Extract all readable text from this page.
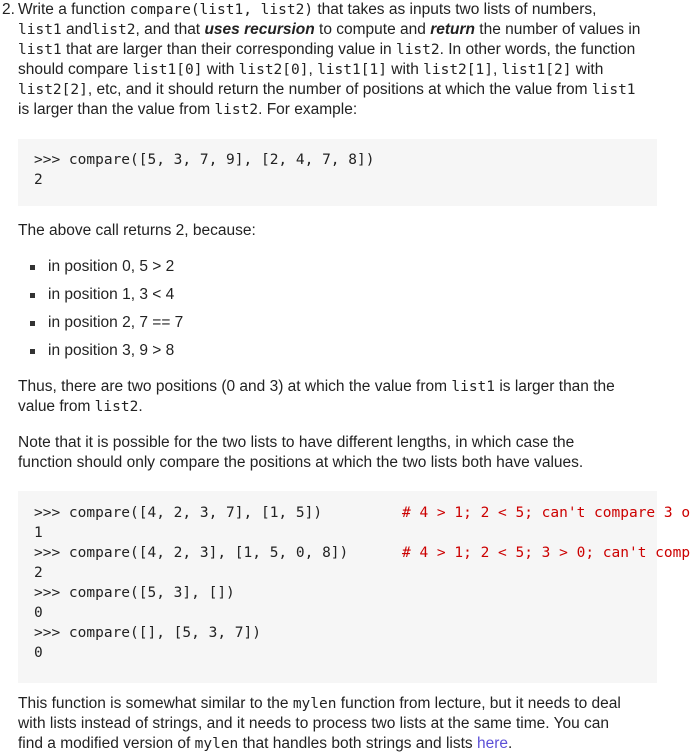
2. Write a function compare(list1, list2) that takes as inputs two lists of numbers,
list1 andlist2, and that uses recursion to compute and return the number of values in
list1 that are larger than their corresponding value in list2. In other words, the function
should compare list1[0] with list2[0], list1[1] with list2[1], list1[2] with
list2[2], etc, and it should return the number of positions at which the value from list1
is larger than the value from list2. For example:

>>> compare([5, 3, 7, 9], [2, 4, 7, 8])

2

The above call returns 2, because:
in position 0, 5 > 2
in position 1, 3 < 4
in position 2, 7 == 7
in position 3, 9 > 8
Thus, there are two positions (0 and 3) at which the value from list1 is larger than the
value from list2.
Note that it is possible for the two lists to have different lengths, in which case the
function should only compare the positions at which the two lists both have values.

>>> compare([4, 2, 3, 7], [1, 5])	# 4 > 1; 2 < 5; can't compare 3 o

1

>>> compare([4, 2, 3], [1, 5, 0, 8])	# 4 > 1; 2 < 5; 3 > 0; can't comp

2

>>> compare([5, 3], [])

0

>>> compare([], [5, 3, 7])

0

This function is somewhat similar to the mylen function from lecture, but it needs to deal
with lists instead of strings, and it needs to process two lists at the same time. You can
find a modified version of mylen that handles both strings and lists here.
